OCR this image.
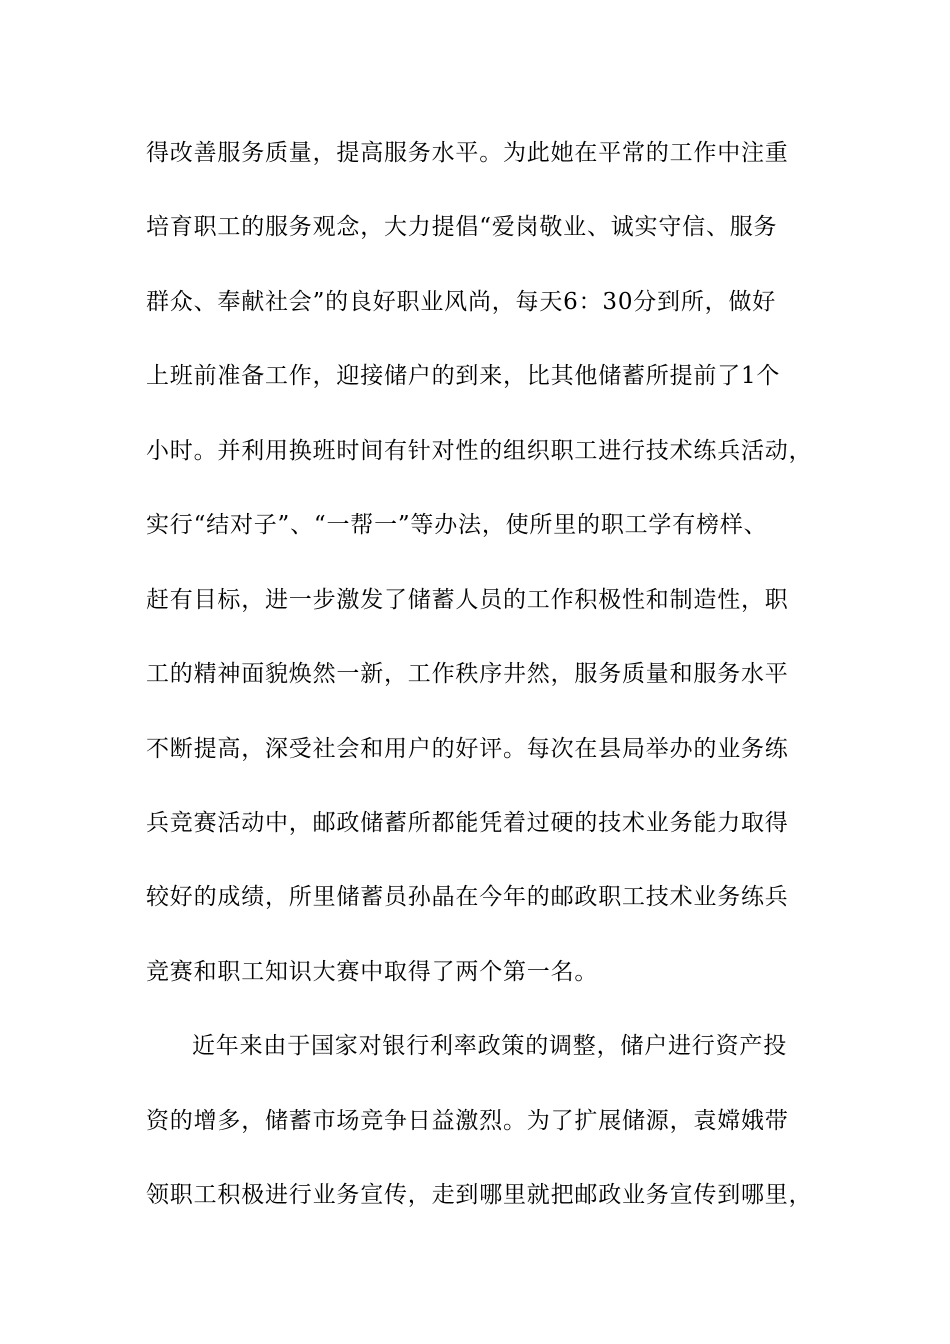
得改善服务质量，提高服务水平。为此她在平常的工作中注重
培育职工的服务观念，大力提倡“爱岗敬业、诚实守信、服务
群众、奉献社会”的良好职业风尚，每天6：30分到所，做好
上班前准备工作，迎接储户的到来，比其他储蓄所提前了1个
小时。并利用换班时间有针对性的组织职工进行技术练兵活动，
实行“结对子”、“一帮一”等办法，使所里的职工学有榜样、
赶有目标，进一步激发了储蓄人员的工作积极性和制造性，职
工的精神面貌焕然一新，工作秩序井然，服务质量和服务水平
不断提高，深受社会和用户的好评。每次在县局举办的业务练
兵竞赛活动中，邮政储蓄所都能凭着过硬的技术业务能力取得
较好的成绩，所里储蓄员孙晶在今年的邮政职工技术业务练兵
竞赛和职工知识大赛中取得了两个第一名。
近年来由于国家对银行利率政策的调整，储户进行资产投
资的增多，储蓄市场竞争日益激烈。为了扩展储源，袁嫦娥带
领职工积极进行业务宣传，走到哪里就把邮政业务宣传到哪里，
